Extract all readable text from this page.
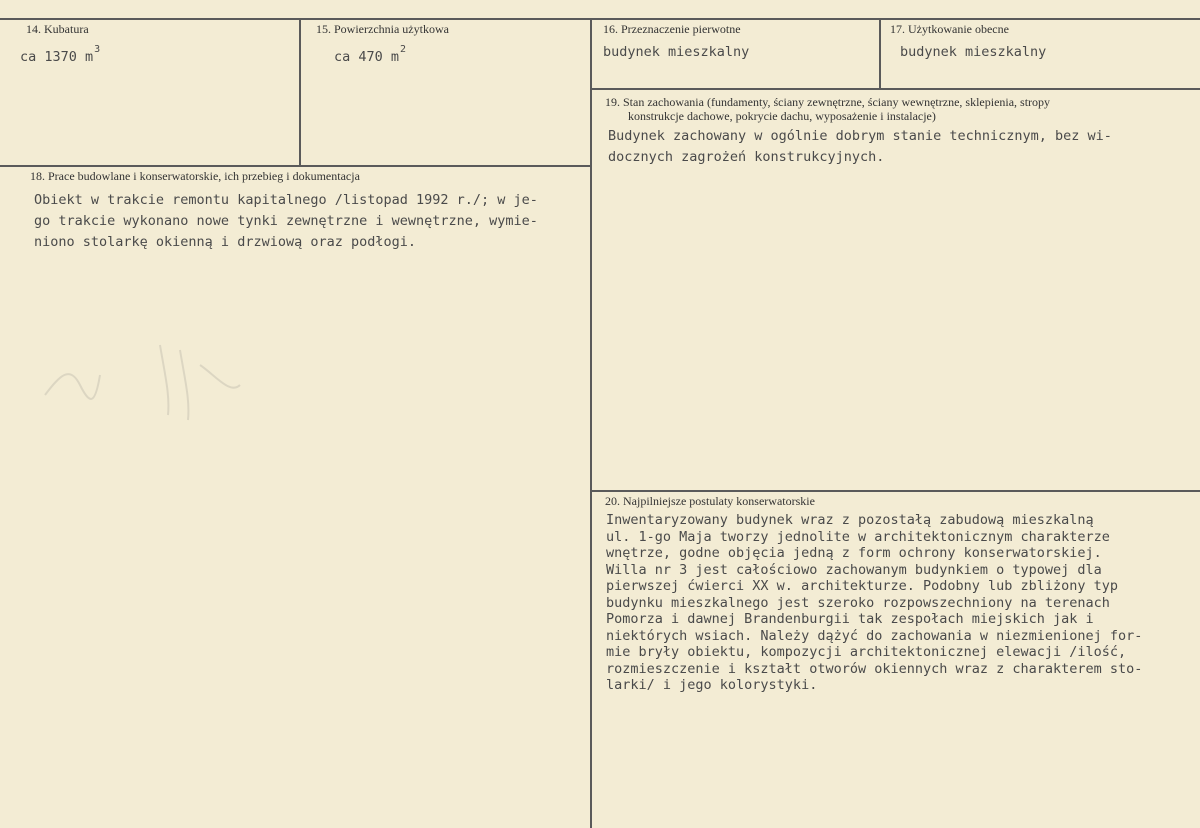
14. Kubatura
ca 1370 $m^3$
15. Powierzchnia użytkowa
ca 470 $m^2$
16. Przeznaczenie pierwotne
budynek mieszkalny
17. Użytkowanie obecne
budynek mieszkalny
19. Stan zachowania (fundamenty, ściany zewnętrzne, ściany wewnętrzne, sklepienia, stropy
konstrukcje dachowe, pokrycie dachu, wyposażenie i instalacje)
Budynek zachowany w ogólnie dobrym stanie technicznym, bez wi-
docznych zagrożeń konstrukcyjnych.
18. Prace budowlane i konserwatorskie, ich przebieg i dokumentacja
Obiekt w trakcie remontu kapitalnego /listopad 1992 r./; w je-
go trakcie wykonano nowe tynki zewnętrzne i wewnętrzne, wymie-
niono stolarkę okienną i drzwiową oraz podłogi.
20. Najpilniejsze postulaty konserwatorskie
Inwentaryzowany budynek wraz z pozostałą zabudową mieszkalną
ul. 1-go Maja tworzy jednolite w architektonicznym charakterze
wnętrze, godne objęcia jedną z form ochrony konserwatorskiej.
Willa nr 3 jest całościowo zachowanym budynkiem o typowej dla
pierwszej ćwierci XX w. architekturze. Podobny lub zbliżony typ
budynku mieszkalnego jest szeroko rozpowszechniony na terenach
Pomorza i dawnej Brandenburgii tak zespołach miejskich jak i
niektórych wsiach. Należy dążyć do zachowania w niezmienionej for-
mie bryły obiektu, kompozycji architektonicznej elewacji /ilość,
rozmieszczenie i kształt otworów okiennych wraz z charakterem sto-
larki/ i jego kolorystyki.
